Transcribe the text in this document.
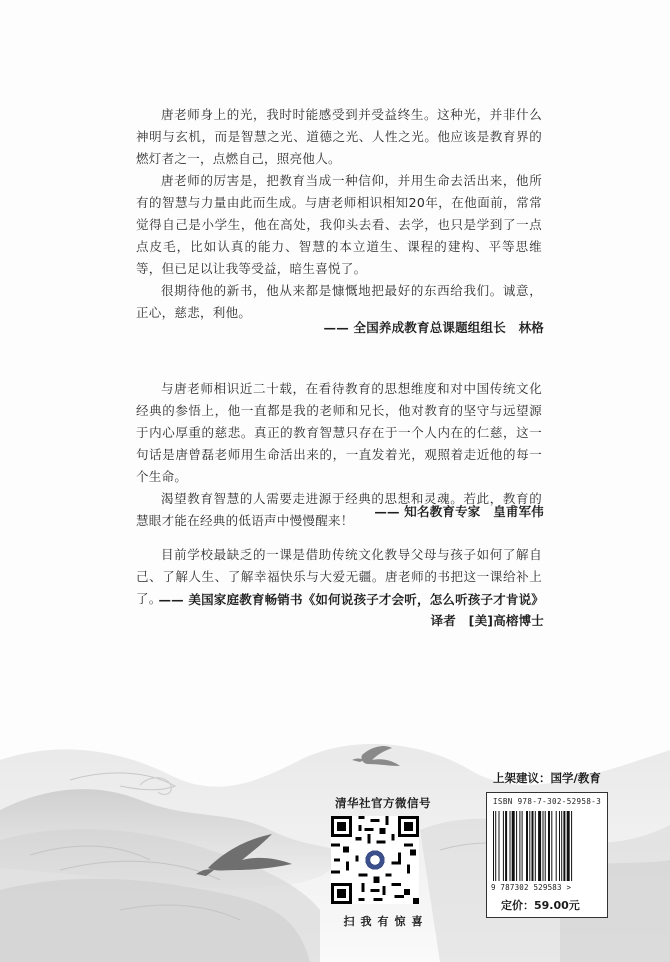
唐老师身上的光，我时时能感受到并受益终生。这种光，并非什么神明与玄机，而是智慧之光、道德之光、人性之光。他应该是教育界的燃灯者之一，点燃自己，照亮他人。

唐老师的厉害是，把教育当成一种信仰，并用生命去活出来，他所有的智慧与力量由此而生成。与唐老师相识相知20年，在他面前，常常觉得自己是小学生，他在高处，我仰头去看、去学，也只是学到了一点点皮毛，比如认真的能力、智慧的本立道生、课程的建构、平等思维等，但已足以让我等受益，暗生喜悦了。

很期待他的新书，他从来都是慷慨地把最好的东西给我们。诚意，正心，慈悲，利他。

—— 全国养成教育总课题组组长　林格

与唐老师相识近二十载，在看待教育的思想维度和对中国传统文化经典的参悟上，他一直都是我的老师和兄长，他对教育的坚守与远望源于内心厚重的慈悲。真正的教育智慧只存在于一个人内在的仁慈，这一句话是唐曾磊老师用生命活出来的，一直发着光，观照着走近他的每一个生命。

渴望教育智慧的人需要走进源于经典的思想和灵魂。若此，教育的慧眼才能在经典的低语声中慢慢醒来！

—— 知名教育专家　皇甫军伟

目前学校最缺乏的一课是借助传统文化教导父母与孩子如何了解自己、了解人生、了解幸福快乐与大爱无疆。唐老师的书把这一课给补上了。

—— 美国家庭教育畅销书《如何说孩子才会听，怎么听孩子才肯说》
译者　[美]高榕博士
清华社官方微信号
扫我有惊喜
上架建议：国学/教育
ISBN 978-7-302-52958-3
9 787302 529583 >
定价：59.00元
